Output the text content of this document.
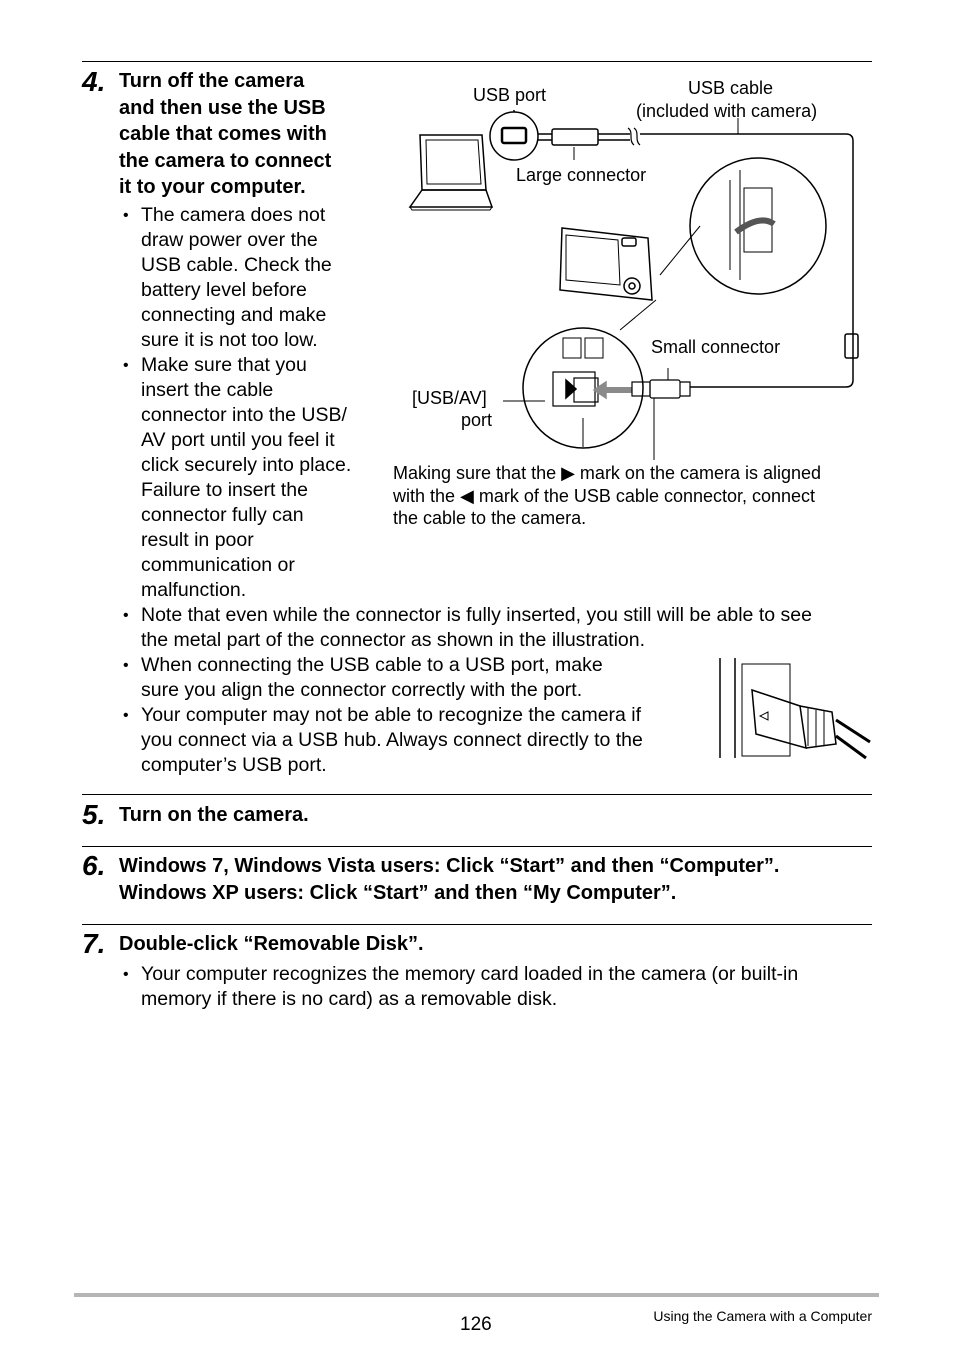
4. Turn off the camera
and then use the USB
cable that comes with
the camera to connect
it to your computer.
• The camera does not
draw power over the
USB cable. Check the
battery level before
connecting and make
sure it is not too low.
• Make sure that you
insert the cable
connector into the USB/
AV port until you feel it
click securely into place.
Failure to insert the
connector fully can
result in poor
communication or
malfunction.
• Note that even while the connector is fully inserted, you still will be able to see
the metal part of the connector as shown in the illustration.
• When connecting the USB cable to a USB port, make
sure you align the connector correctly with the port.
• Your computer may not be able to recognize the camera if
you connect via a USB hub. Always connect directly to the
computer’s USB port.
USB port	USB cable
(included with camera)
Large connector
Small connector
[USB/AV]
port
Making sure that the ▶ mark on the camera is aligned
with the ◀ mark of the USB cable connector, connect
the cable to the camera.
5. Turn on the camera.
6. Windows 7, Windows Vista users: Click “Start” and then “Computer”.
Windows XP users: Click “Start” and then “My Computer”.
7. Double-click “Removable Disk”.
• Your computer recognizes the memory card loaded in the camera (or built-in
memory if there is no card) as a removable disk.
126	Using the Camera with a Computer
